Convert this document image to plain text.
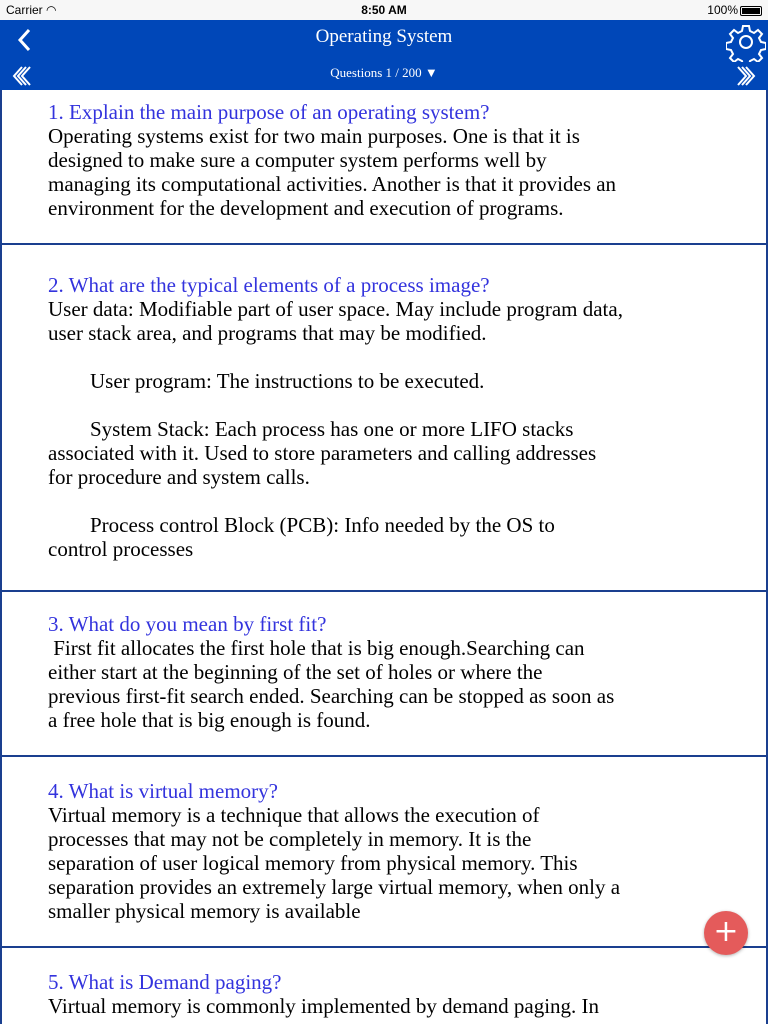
Carrier ︎◠	8:50 AM	100%
Operating System
Questions 1 / 200 ▼
1. Explain the main purpose of an operating system?
Operating systems exist for two main purposes. One is that it is
designed to make sure a computer system performs well by
managing its computational activities. Another is that it provides an
environment for the development and execution of programs.
2. What are the typical elements of a process image?
User data: Modifiable part of user space. May include program data,
user stack area, and programs that may be modified.

User program: The instructions to be executed.

System Stack: Each process has one or more LIFO stacks
associated with it. Used to store parameters and calling addresses
for procedure and system calls.

Process control Block (PCB): Info needed by the OS to
control processes
3. What do you mean by first fit?
First fit allocates the first hole that is big enough.Searching can
either start at the beginning of the set of holes or where the
previous first-fit search ended. Searching can be stopped as soon as
a free hole that is big enough is found.
4. What is virtual memory?
Virtual memory is a technique that allows the execution of
processes that may not be completely in memory. It is the
separation of user logical memory from physical memory. This
separation provides an extremely large virtual memory, when only a
smaller physical memory is available
5. What is Demand paging?
Virtual memory is commonly implemented by demand paging. In
+
